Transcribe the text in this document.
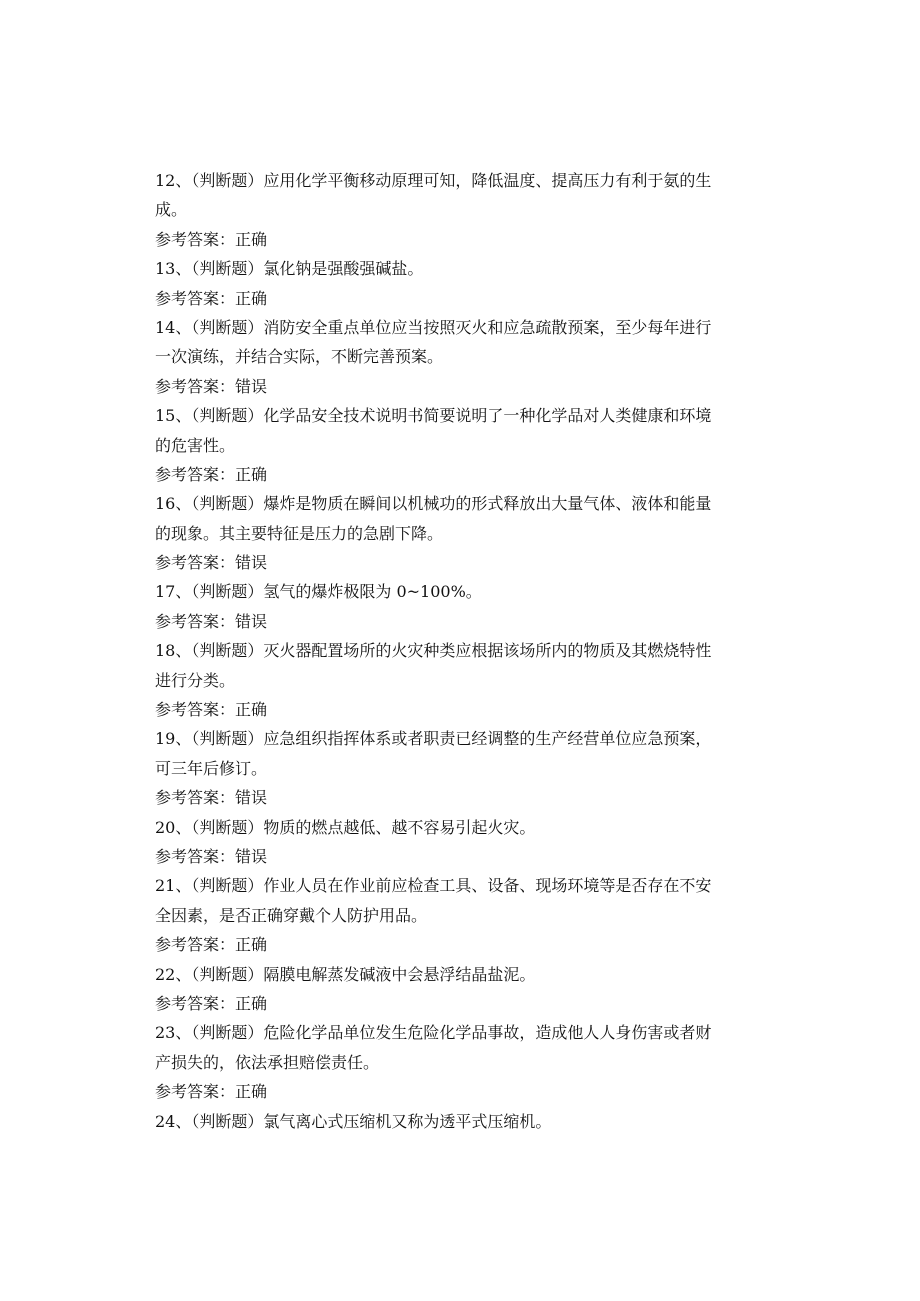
12、（判断题）应用化学平衡移动原理可知，降低温度、提高压力有利于氨的生
成。
参考答案：正确
13、（判断题）氯化钠是强酸强碱盐。
参考答案：正确
14、（判断题）消防安全重点单位应当按照灭火和应急疏散预案，至少每年进行
一次演练，并结合实际，不断完善预案。
参考答案：错误
15、（判断题）化学品安全技术说明书简要说明了一种化学品对人类健康和环境
的危害性。
参考答案：正确
16、（判断题）爆炸是物质在瞬间以机械功的形式释放出大量气体、液体和能量
的现象。其主要特征是压力的急剧下降。
参考答案：错误
17、（判断题）氢气的爆炸极限为 0~100%。
参考答案：错误
18、（判断题）灭火器配置场所的火灾种类应根据该场所内的物质及其燃烧特性
进行分类。
参考答案：正确
19、（判断题）应急组织指挥体系或者职责已经调整的生产经营单位应急预案，
可三年后修订。
参考答案：错误
20、（判断题）物质的燃点越低、越不容易引起火灾。
参考答案：错误
21、（判断题）作业人员在作业前应检查工具、设备、现场环境等是否存在不安
全因素，是否正确穿戴个人防护用品。
参考答案：正确
22、（判断题）隔膜电解蒸发碱液中会悬浮结晶盐泥。
参考答案：正确
23、（判断题）危险化学品单位发生危险化学品事故，造成他人人身伤害或者财
产损失的，依法承担赔偿责任。
参考答案：正确
24、（判断题）氯气离心式压缩机又称为透平式压缩机。
